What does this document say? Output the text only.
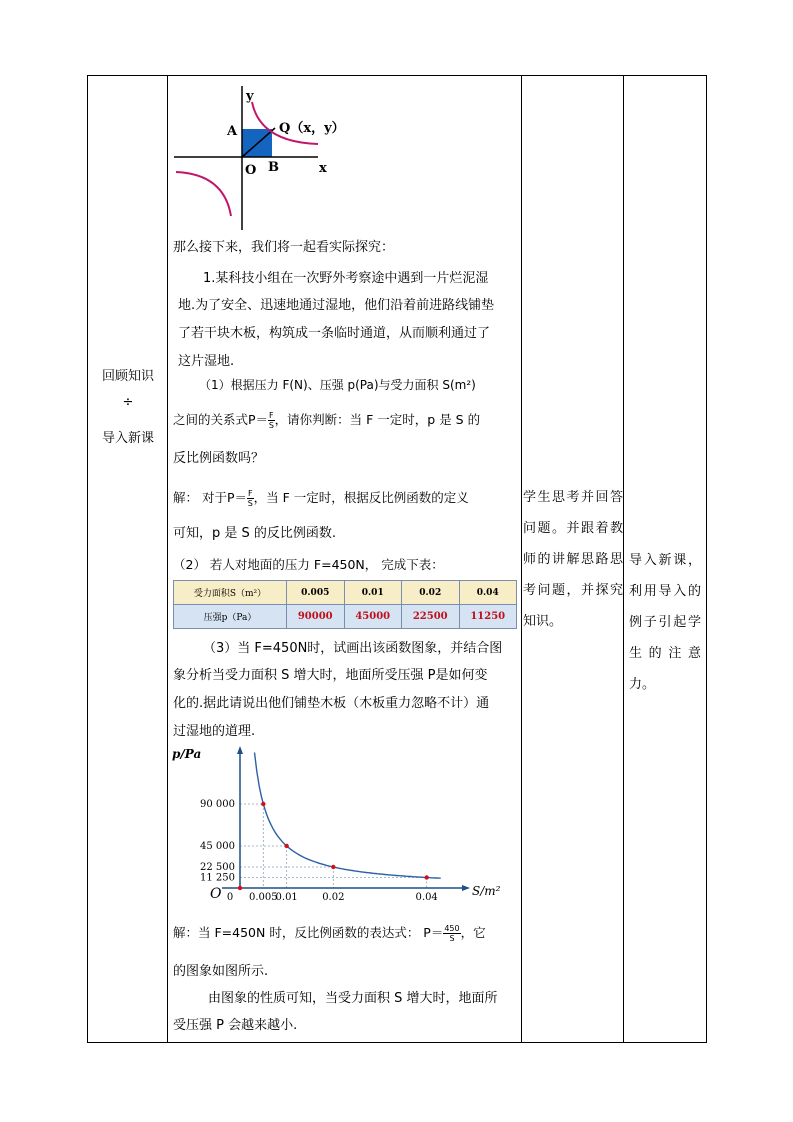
回顾知识
÷
导入新课
y
A	Q（x，y）
O B	x
那么接下来，我们将一起看实际探究：
1.某科技小组在一次野外考察途中遇到一片烂泥湿
地.为了安全、迅速地通过湿地，他们沿着前进路线铺垫
了若干块木板，构筑成一条临时通道，从而顺利通过了
这片湿地.
（1）根据压力 F(N)、压强 p(Pa)与受力面积 S(m²)
之间的关系式$P= \frac{F}{S}$ ，请你判断：当 F 一定时，p 是 S 的
反比例函数吗？
解： 对于$P= \frac{F}{S}$ ，当 F 一定时，根据反比例函数的定义
可知，p 是 S 的反比例函数.
（2） 若人对地面的压力 F=450N， 完成下表：
受力面积S（m²）	0.005	0.01	0.02	0.04
压强p（Pa）	90000	45000	22500	11250
（3）当 F=450N时，试画出该函数图象，并结合图
象分析当受力面积 S 增大时，地面所受压强 P是如何变
化的.据此请说出他们铺垫木板（木板重力忽略不计）通
过湿地的道理.
90 000
0.005
45 000
0.01
22 500
0.02
11 250
0.04
0
O
p/Pa
S/m²
解：当 F=450N 时，反比例函数的表达式： $P= \frac{450}{S}$ ，它
的图象如图所示.
由图象的性质可知，当受力面积 S 增大时，地面所
受压强 P 会越来越小.
学生思考并回答问题。并跟着教师的讲解思路思考问题，并探究知识。
导入新课，利用导入的例子引起学生的注意力。
